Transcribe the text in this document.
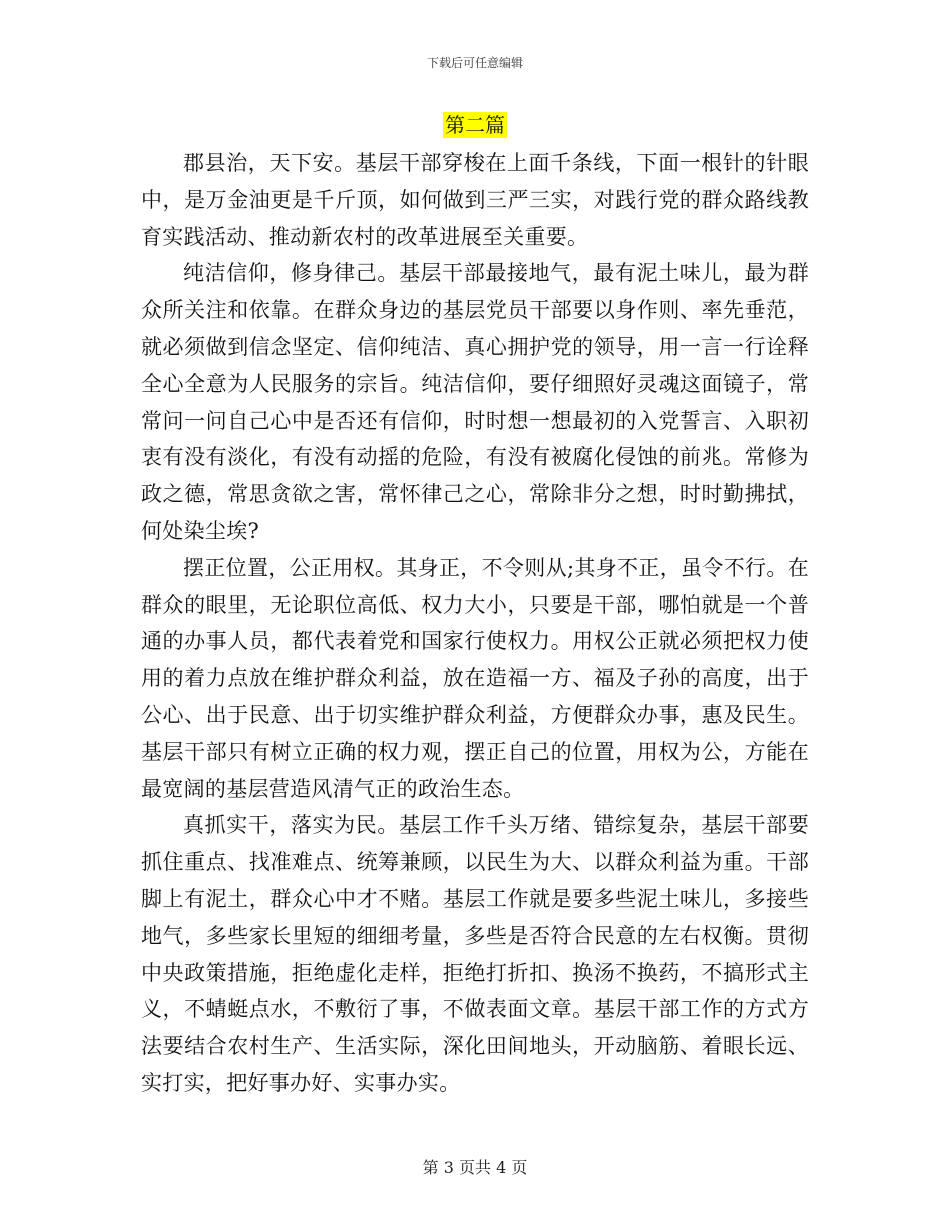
下载后可任意编辑
第二篇

郡县治，天下安。基层干部穿梭在上面千条线，下面一根针的针眼中，是万金油更是千斤顶，如何做到三严三实，对践行党的群众路线教育实践活动、推动新农村的改革进展至关重要。

纯洁信仰，修身律己。基层干部最接地气，最有泥土味儿，最为群众所关注和依靠。在群众身边的基层党员干部要以身作则、率先垂范，就必须做到信念坚定、信仰纯洁、真心拥护党的领导，用一言一行诠释全心全意为人民服务的宗旨。纯洁信仰，要仔细照好灵魂这面镜子，常常问一问自己心中是否还有信仰，时时想一想最初的入党誓言、入职初衷有没有淡化，有没有动摇的危险，有没有被腐化侵蚀的前兆。常修为政之德，常思贪欲之害，常怀律己之心，常除非分之想，时时勤拂拭，何处染尘埃?

摆正位置，公正用权。其身正，不令则从;其身不正，虽令不行。在群众的眼里，无论职位高低、权力大小，只要是干部，哪怕就是一个普通的办事人员，都代表着党和国家行使权力。用权公正就必须把权力使用的着力点放在维护群众利益，放在造福一方、福及子孙的高度，出于公心、出于民意、出于切实维护群众利益，方便群众办事，惠及民生。基层干部只有树立正确的权力观，摆正自己的位置，用权为公，方能在最宽阔的基层营造风清气正的政治生态。

真抓实干，落实为民。基层工作千头万绪、错综复杂，基层干部要抓住重点、找准难点、统筹兼顾，以民生为大、以群众利益为重。干部脚上有泥土，群众心中才不赌。基层工作就是要多些泥土味儿，多接些地气，多些家长里短的细细考量，多些是否符合民意的左右权衡。贯彻中央政策措施，拒绝虚化走样，拒绝打折扣、换汤不换药，不搞形式主义，不蜻蜓点水，不敷衍了事，不做表面文章。基层干部工作的方式方法要结合农村生产、生活实际，深化田间地头，开动脑筋、着眼长远、实打实，把好事办好、实事办实。

第 3 页共 4 页
